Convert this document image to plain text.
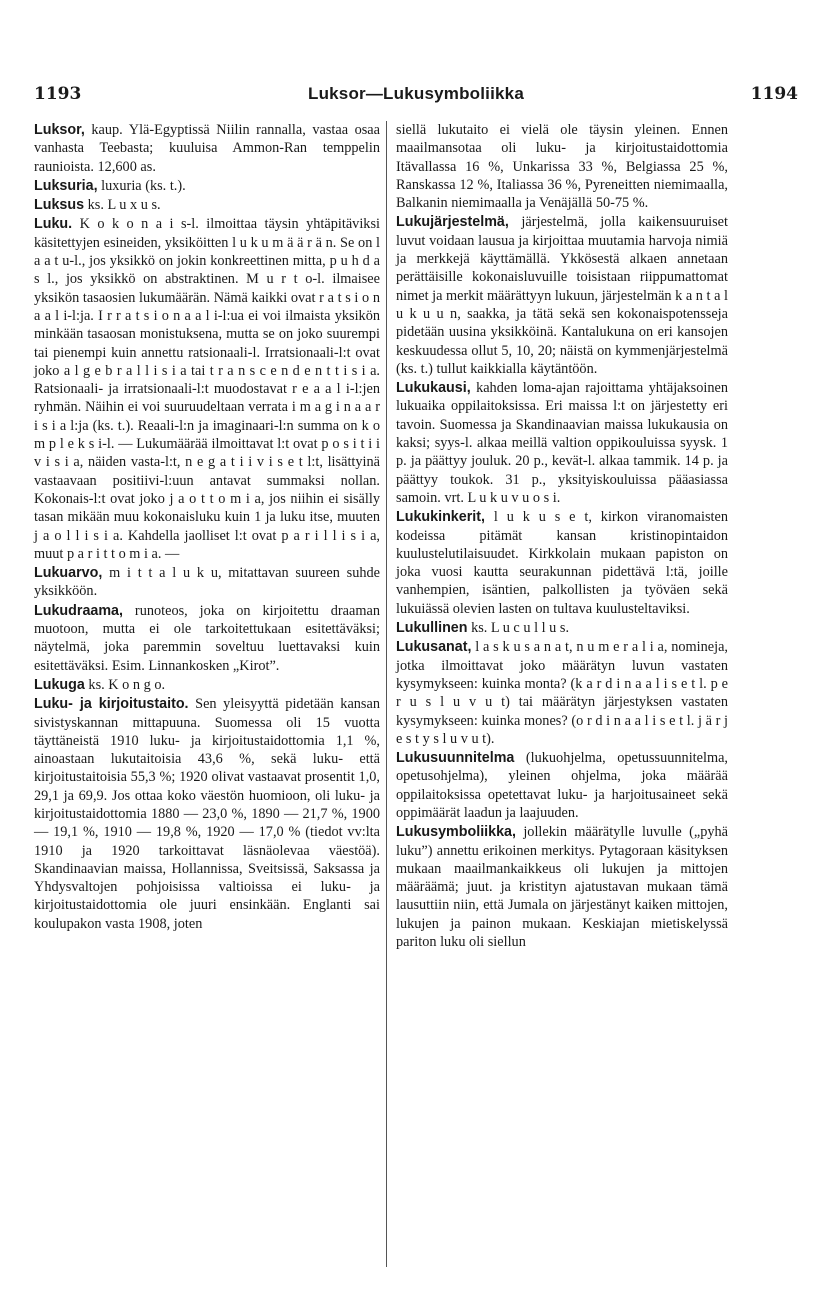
1193	Luksor—Lukusymboliikka	1194

Luksor, kaup. Ylä-Egyptissä Niilin rannalla, vastaa osaa vanhasta Teebasta; kuuluisa Ammon-Ran temppelin raunioista. 12,600 as.

Luksuria, luxuria (ks. t.).

Luksus ks. L u x u s.

Luku. K o k o n a i s-l. ilmoittaa täysin yhtäpitäviksi käsitettyjen esineiden, yksiköitten l u k u m ä ä r ä n. Se on l a a t u-l., jos yksikkö on jokin konkreettinen mitta, p u h d a s l., jos yksikkö on abstraktinen. M u r t o-l. ilmaisee yksikön tasaosien lukumäärän. Nämä kaikki ovat r a t s i o n a a l i-l:ja. I r r a t s i o n a a l i-l:ua ei voi ilmaista yksikön minkään tasaosan monistuksena, mutta se on joko suurempi tai pienempi kuin annettu ratsionaali-l. Irratsionaali-l:t ovat joko a l g e b r a l l i s i a tai t r a n s c e n d e n t t i s i a. Ratsionaali- ja irratsionaali-l:t muodostavat r e a a l i-l:jen ryhmän. Näihin ei voi suuruudeltaan verrata i m a g i n a a r i s i a l:ja (ks. t.). Reaali-l:n ja imaginaari-l:n summa on k o m p l e k s i-l. — Lukumäärää ilmoittavat l:t ovat p o s i t i i v i s i a, näiden vasta-l:t, n e g a t i i v i s e t l:t, lisättyinä vastaavaan positiivi-l:uun antavat summaksi nollan. Kokonais-l:t ovat joko j a o t t o m i a, jos niihin ei sisälly tasan mikään muu kokonaisluku kuin 1 ja luku itse, muuten j a o l l i s i a. Kahdella jaolliset l:t ovat p a r i l l i s i a, muut p a r i t t o m i a. —

Lukuarvo, m i t t a l u k u, mitattavan suureen suhde yksikköön.

Lukudraama, runoteos, joka on kirjoitettu draaman muotoon, mutta ei ole tarkoitettukaan esitettäväksi; näytelmä, joka paremmin soveltuu luettavaksi kuin esitettäväksi. Esim. Linnankosken „Kirot”.

Lukuga ks. K o n g o.

Luku- ja kirjoitustaito. Sen yleisyyttä pidetään kansan sivistyskannan mittapuuna. Suomessa oli 15 vuotta täyttäneistä 1910 luku- ja kirjoitustaidottomia 1,1 %, ainoastaan lukutaitoisia 43,6 %, sekä luku- että kirjoitustaitoisia 55,3 %; 1920 olivat vastaavat prosentit 1,0, 29,1 ja 69,9. Jos ottaa koko väestön huomioon, oli luku- ja kirjoitustaidottomia 1880 — 23,0 %, 1890 — 21,7 %, 1900 — 19,1 %, 1910 — 19,8 %, 1920 — 17,0 % (tiedot vv:lta 1910 ja 1920 tarkoittavat läsnäolevaa väestöä). Skandinaavian maissa, Hollannissa, Sveitsissä, Saksassa ja Yhdysvaltojen pohjoisissa valtioissa ei luku- ja kirjoitustaidottomia ole juuri ensinkään. Englanti sai koulupakon vasta 1908, joten

siellä lukutaito ei vielä ole täysin yleinen. Ennen maailmansotaa oli luku- ja kirjoitustaidottomia Itävallassa 16 %, Unkarissa 33 %, Belgiassa 25 %, Ranskassa 12 %, Italiassa 36 %, Pyreneitten niemimaalla, Balkanin niemimaalla ja Venäjällä 50-75 %.

Lukujärjestelmä, järjestelmä, jolla kaikensuuruiset luvut voidaan lausua ja kirjoittaa muutamia harvoja nimiä ja merkkejä käyttämällä. Ykkösestä alkaen annetaan perättäisille kokonaisluvuille toisistaan riippumattomat nimet ja merkit määrättyyn lukuun, järjestelmän k a n t a l u k u u n, saakka, ja tätä sekä sen kokonaispotensseja pidetään uusina yksikköinä. Kantalukuna on eri kansojen keskuudessa ollut 5, 10, 20; näistä on kymmenjärjestelmä (ks. t.) tullut kaikkialla käytäntöön.

Lukukausi, kahden loma-ajan rajoittama yhtäjaksoinen lukuaika oppilaitoksissa. Eri maissa l:t on järjestetty eri tavoin. Suomessa ja Skandinaavian maissa lukukausia on kaksi; syys-l. alkaa meillä valtion oppikouluissa syysk. 1 p. ja päättyy jouluk. 20 p., kevät-l. alkaa tammik. 14 p. ja päättyy toukok. 31 p., yksityiskouluissa pääasiassa samoin. vrt. L u k u v u o s i.

Lukukinkerit, l u k u s e t, kirkon viranomaisten kodeissa pitämät kansan kristinopintaidon kuulustelutilaisuudet. Kirkkolain mukaan papiston on joka vuosi kautta seurakunnan pidettävä l:tä, joille vanhempien, isäntien, palkollisten ja työväen sekä lukuiässä olevien lasten on tultava kuulusteltaviksi.

Lukullinen ks. L u c u l l u s.

Lukusanat, l a s k u s a n a t, n u m e r a l i a, nomineja, jotka ilmoittavat joko määrätyn luvun vastaten kysymykseen: kuinka monta? (k a r d i n a a l i s e t l. p e r u s l u v u t) tai määrätyn järjestyksen vastaten kysymykseen: kuinka mones? (o r d i n a a l i s e t l. j ä r j e s t y s l u v u t).

Lukusuunnitelma (lukuohjelma, opetussuunnitelma, opetusohjelma), yleinen ohjelma, joka määrää oppilaitoksissa opetettavat luku- ja harjoitusaineet sekä oppimäärät laadun ja laajuuden.

Lukusymboliikka, jollekin määrätylle luvulle („pyhä luku”) annettu erikoinen merkitys. Pytagoraan käsityksen mukaan maailmankaikkeus oli lukujen ja mittojen määräämä; juut. ja kristityn ajatustavan mukaan tämä lausuttiin niin, että Jumala on järjestänyt kaiken mittojen, lukujen ja painon mukaan. Keskiajan mietiskelyssä pariton luku oli siellun
